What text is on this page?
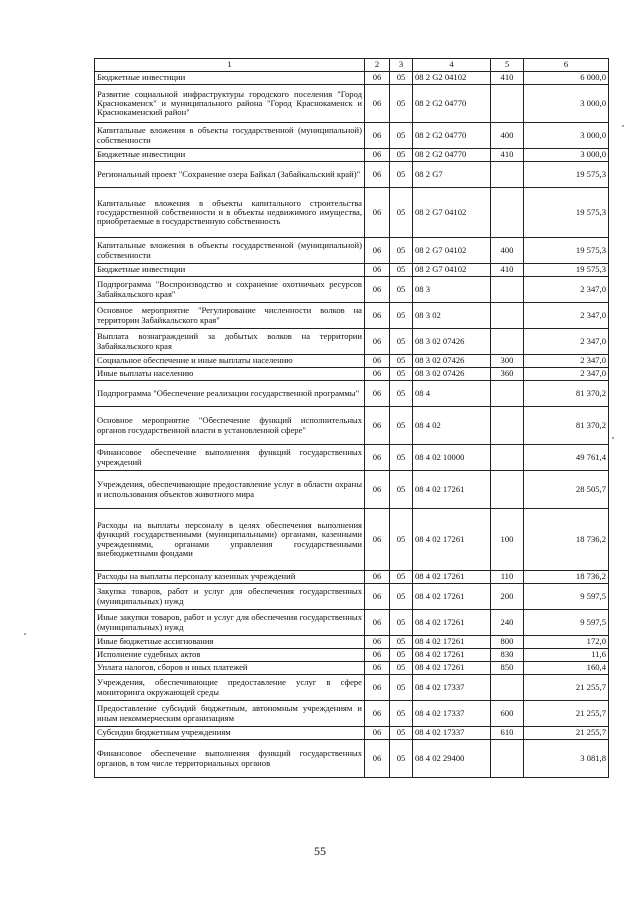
1	2	3	4	5	6
Бюджетные инвестиции	06	05	08 2 G2 04102	410	6 000,0
Развитие социальной инфраструктуры городского поселения "Город Краснокаменск" и муниципального района "Город Краснокаменск и Краснокаменский район"	06	05	08 2 G2 04770		3 000,0
Капитальные вложения в объекты государственной (муниципальной) собственности	06	05	08 2 G2 04770	400	3 000,0
Бюджетные инвестиции	06	05	08 2 G2 04770	410	3 000,0
Региональный проект "Сохранение озера Байкал (Забайкальский край)"	06	05	08 2 G7		19 575,3
Капитальные вложения в объекты капитального строительства государственной собственности и в объекты недвижимого имущества, приобретаемые в государственную собственность	06	05	08 2 G7 04102		19 575,3
Капитальные вложения в объекты государственной (муниципальной) собственности	06	05	08 2 G7 04102	400	19 575,3
Бюджетные инвестиции	06	05	08 2 G7 04102	410	19 575,3
Подпрограмма "Воспроизводство и сохранение охотничьих ресурсов Забайкальского края"	06	05	08 3		2 347,0
Основное мероприятие "Регулирование численности волков на территории Забайкальского края"	06	05	08 3 02		2 347,0
Выплата вознаграждений за добытых волков на территории Забайкальского края	06	05	08 3 02 07426		2 347,0
Социальное обеспечение и иные выплаты населению	06	05	08 3 02 07426	300	2 347,0
Иные выплаты населению	06	05	08 3 02 07426	360	2 347,0
Подпрограмма "Обеспечение реализации государственной программы"	06	05	08 4		81 370,2
Основное мероприятие "Обеспечение функций исполнительных органов государственной власти в установленной сфере"	06	05	08 4 02		81 370,2
Финансовое обеспечение выполнения функций государственных учреждений	06	05	08 4 02 10000		49 761,4
Учреждения, обеспечивающие предоставление услуг в области охраны и использования объектов животного мира	06	05	08 4 02 17261		28 505,7
Расходы на выплаты персоналу в целях обеспечения выполнения функций государственными (муниципальными) органами, казенными учреждениями, органами управления государственными внебюджетными фондами	06	05	08 4 02 17261	100	18 736,2
Расходы на выплаты персоналу казенных учреждений	06	05	08 4 02 17261	110	18 736,2
Закупка товаров, работ и услуг для обеспечения государственных (муниципальных) нужд	06	05	08 4 02 17261	200	9 597,5
Иные закупки товаров, работ и услуг для обеспечения государственных (муниципальных) нужд	06	05	08 4 02 17261	240	9 597,5
Иные бюджетные ассигнования	06	05	08 4 02 17261	800	172,0
Исполнение судебных актов	06	05	08 4 02 17261	830	11,6
Уплата налогов, сборов и иных платежей	06	05	08 4 02 17261	850	160,4
Учреждения, обеспечивающие предоставление услуг в сфере мониторинга окружающей среды	06	05	08 4 02 17337		21 255,7
Предоставление субсидий бюджетным, автономным учреждениям и иным некоммерческим организациям	06	05	08 4 02 17337	600	21 255,7
Субсидии бюджетным учреждениям	06	05	08 4 02 17337	610	21 255,7
Финансовое обеспечение выполнения функций государственных органов, в том числе территориальных органов	06	05	08 4 02 29400		3 081,8
55
